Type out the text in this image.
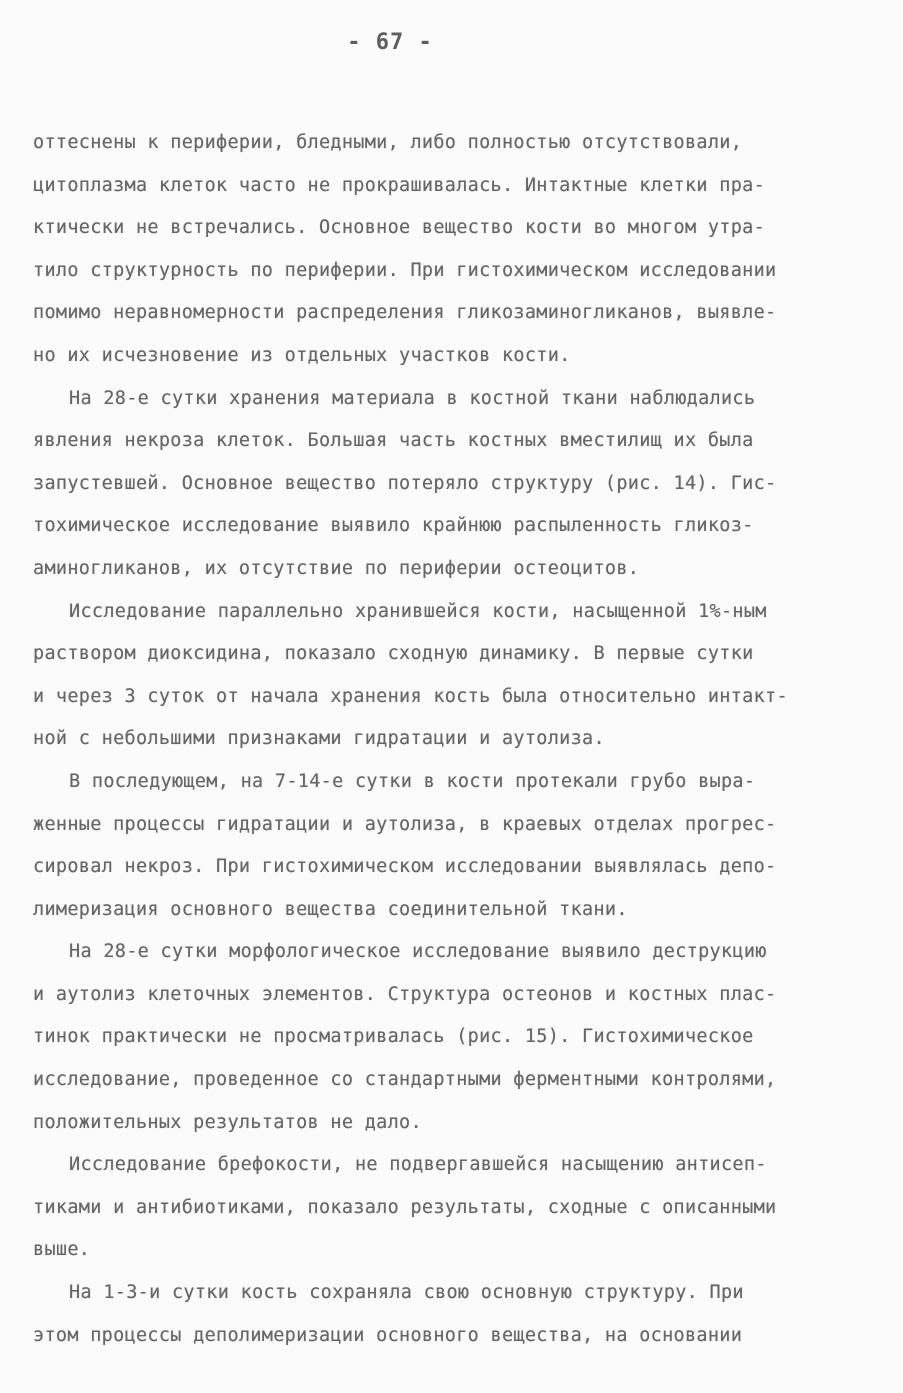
- 67 -
оттеснены к периферии, бледными, либо полностью отсутствовали,
цитоплазма клеток часто не прокрашивалась. Интактные клетки пра-
ктически не встречались. Основное вещество кости во многом утра-
тило структурность по периферии. При гистохимическом исследовании
помимо неравномерности распределения гликозаминогликанов, выявле-
но их исчезновение из отдельных участков кости.
На 28-е сутки хранения материала в костной ткани наблюдались
явления некроза клеток. Большая часть костных вместилищ их была
запустевшей. Основное вещество потеряло структуру (рис. 14). Гис-
тохимическое исследование выявило крайнюю распыленность гликоз-
аминогликанов, их отсутствие по периферии остеоцитов.
Исследование параллельно хранившейся кости, насыщенной 1%-ным
раствором диоксидина, показало сходную динамику. В первые сутки
и через 3 суток от начала хранения кость была относительно интакт-
ной с небольшими признаками гидратации и аутолиза.
В последующем, на 7-14-е сутки в кости протекали грубо выра-
женные процессы гидратации и аутолиза, в краевых отделах прогрес-
сировал некроз. При гистохимическом исследовании выявлялась депо-
лимеризация основного вещества соединительной ткани.
На 28-е сутки морфологическое исследование выявило деструкцию
и аутолиз клеточных элементов. Структура остеонов и костных плас-
тинок практически не просматривалась (рис. 15). Гистохимическое
исследование, проведенное со стандартными ферментными контролями,
положительных результатов не дало.
Исследование брефокости, не подвергавшейся насыщению антисеп-
тиками и антибиотиками, показало результаты, сходные с описанными
выше.
На 1-3-и сутки кость сохраняла свою основную структуру. При
этом процессы деполимеризации основного вещества, на основании
